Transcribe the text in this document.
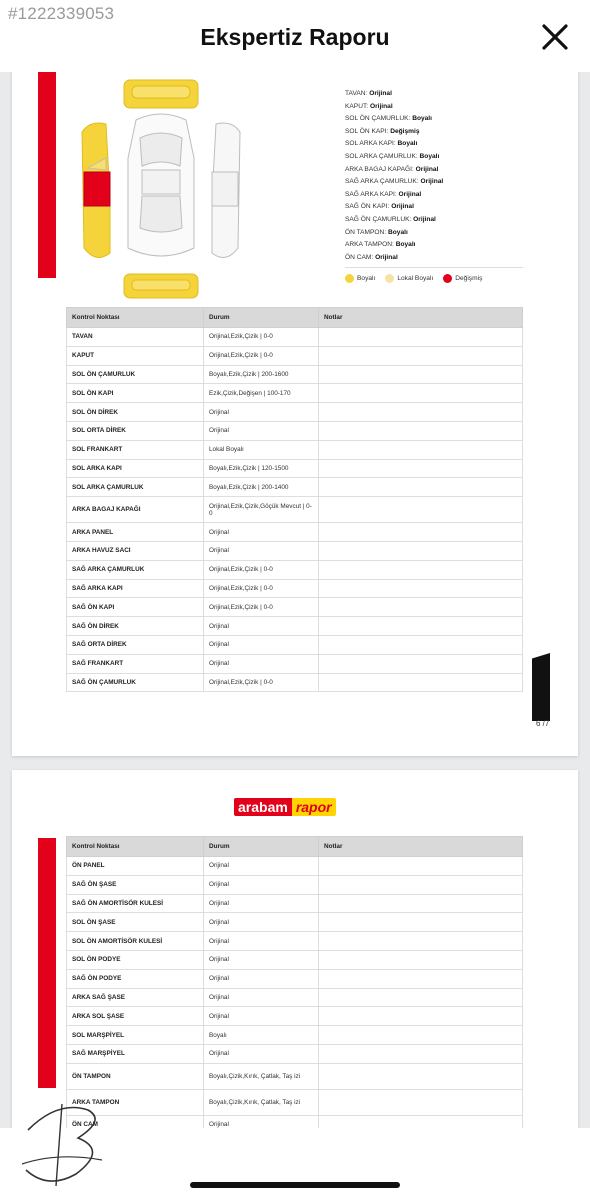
#1222339053
Ekspertiz Raporu
TAVAN: Orijinal
KAPUT: Orijinal
SOL ÖN ÇAMURLUK: Boyalı
SOL ÖN KAPI: Değişmiş
SOL ARKA KAPI: Boyalı
SOL ARKA ÇAMURLUK: Boyalı
ARKA BAGAJ KAPAĞI: Orijinal
SAĞ ARKA ÇAMURLUK: Orijinal
SAĞ ARKA KAPI: Orijinal
SAĞ ÖN KAPI: Orijinal
SAĞ ÖN ÇAMURLUK: Orijinal
ÖN TAMPON: Boyalı
ARKA TAMPON: Boyalı
ÖN CAM: Orijinal
Boyalı	Lokal Boyalı	Değişmiş
Kontrol Noktası	Durum	Notlar
TAVAN	Orijinal,Ezik,Çizik | 0-0	
KAPUT	Orijinal,Ezik,Çizik | 0-0	
SOL ÖN ÇAMURLUK	Boyalı,Ezik,Çizik | 200-1600	
SOL ÖN KAPI	Ezik,Çizik,Değişen | 100-170	
SOL ÖN DİREK	Orijinal	
SOL ORTA DİREK	Orijinal	
SOL FRANKART	Lokal Boyalı	
SOL ARKA KAPI	Boyalı,Ezik,Çizik | 120-1500	
SOL ARKA ÇAMURLUK	Boyalı,Ezik,Çizik | 200-1400	
ARKA BAGAJ KAPAĞI	Orijinal,Ezik,Çizik,Göçük Mevcut | 0-0	
ARKA PANEL	Orijinal	
ARKA HAVUZ SACI	Orijinal	
SAĞ ARKA ÇAMURLUK	Orijinal,Ezik,Çizik | 0-0	
SAĞ ARKA KAPI	Orijinal,Ezik,Çizik | 0-0	
SAĞ ÖN KAPI	Orijinal,Ezik,Çizik | 0-0	
SAĞ ÖN DİREK	Orijinal	
SAĞ ORTA DİREK	Orijinal	
SAĞ FRANKART	Orijinal	
SAĞ ÖN ÇAMURLUK	Orijinal,Ezik,Çizik | 0-0	
6 /7
arabam rapor
Kontrol Noktası	Durum	Notlar
ÖN PANEL	Orijinal	
SAĞ ÖN ŞASE	Orijinal	
SAĞ ÖN AMORTİSÖR KULESİ	Orijinal	
SOL ÖN ŞASE	Orijinal	
SOL ÖN AMORTİSÖR KULESİ	Orijinal	
SOL ÖN PODYE	Orijinal	
SAĞ ÖN PODYE	Orijinal	
ARKA SAĞ ŞASE	Orijinal	
ARKA SOL ŞASE	Orijinal	
SOL MARŞPİYEL	Boyalı	
SAĞ MARŞPİYEL	Orijinal	
ÖN TAMPON	Boyalı,Çizik,Kırık, Çatlak, Taş izi	
ARKA TAMPON	Boyalı,Çizik,Kırık, Çatlak, Taş izi	
ÖN CAM	Orijinal	
